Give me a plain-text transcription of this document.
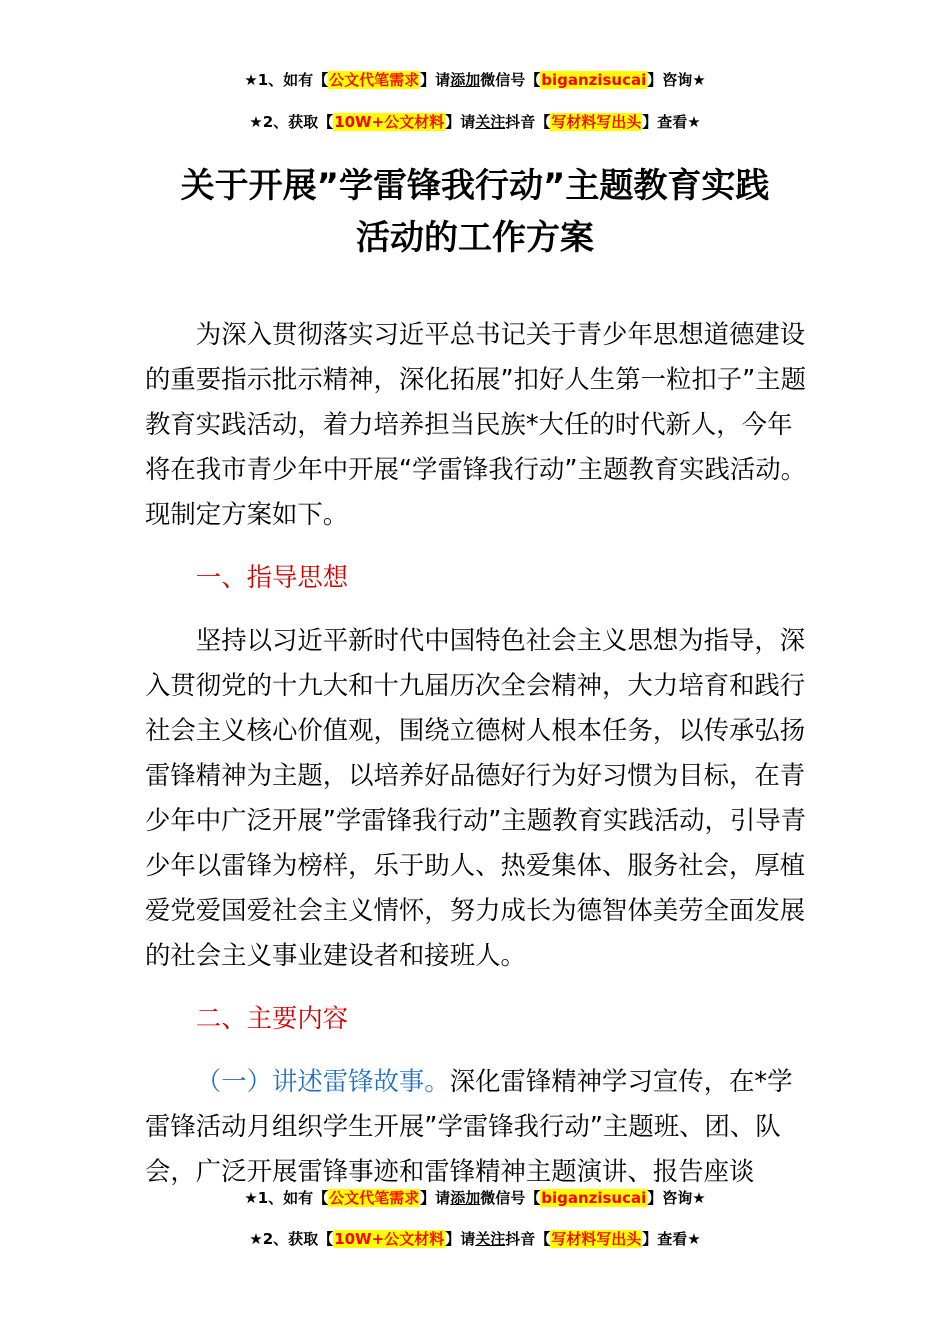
★1、如有【公文代笔需求】请添加微信号【biganzisucai】咨询★
★2、获取【10W+公文材料】请关注抖音【写材料写出头】查看★
关于开展”学雷锋我行动”主题教育实践
活动的工作方案

为深入贯彻落实习近平总书记关于青少年思想道德建设的重要指示批示精神，深化拓展”扣好人生第一粒扣子”主题教育实践活动，着力培养担当民族*大任的时代新人，今年将在我市青少年中开展“学雷锋我行动”主题教育实践活动。现制定方案如下。

一、指导思想

坚持以习近平新时代中国特色社会主义思想为指导，深入贯彻党的十九大和十九届历次全会精神，大力培育和践行社会主义核心价值观，围绕立德树人根本任务，以传承弘扬雷锋精神为主题，以培养好品德好行为好习惯为目标，在青少年中广泛开展”学雷锋我行动”主题教育实践活动，引导青少年以雷锋为榜样，乐于助人、热爱集体、服务社会，厚植爱党爱国爱社会主义情怀，努力成长为德智体美劳全面发展的社会主义事业建设者和接班人。

二、主要内容

（一）讲述雷锋故事。深化雷锋精神学习宣传，在*学雷锋活动月组织学生开展”学雷锋我行动”主题班、团、队会，广泛开展雷锋事迹和雷锋精神主题演讲、报告座谈

★1、如有【公文代笔需求】请添加微信号【biganzisucai】咨询★
★2、获取【10W+公文材料】请关注抖音【写材料写出头】查看★
